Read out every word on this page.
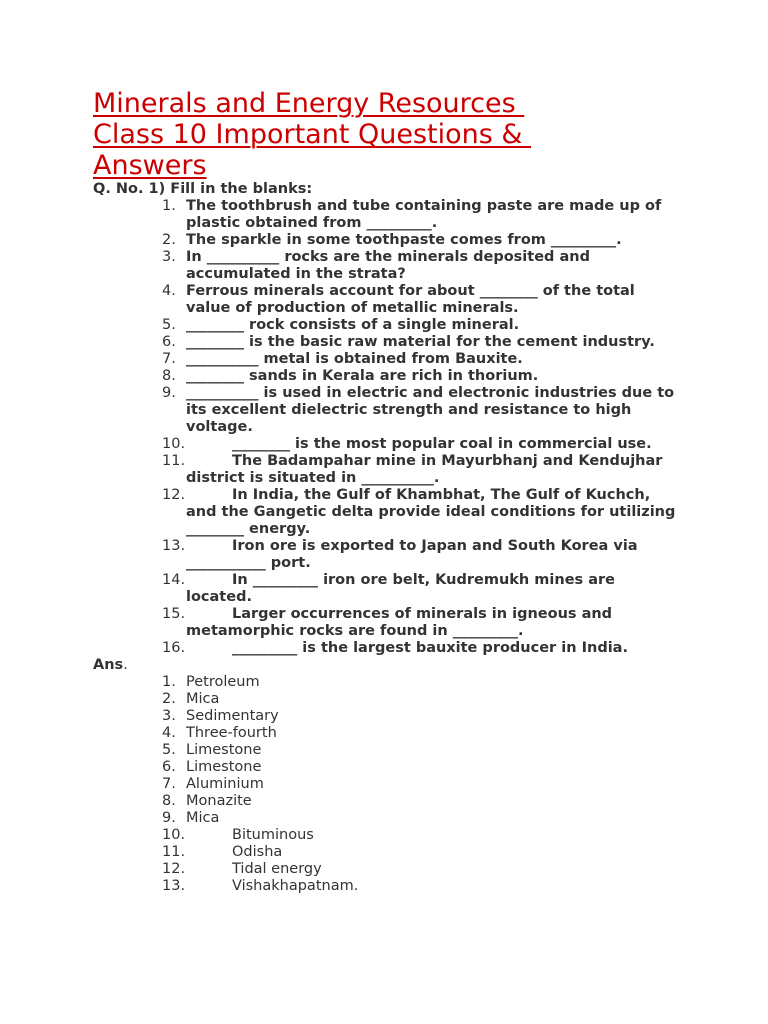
Minerals and Energy Resources
Class 10 Important Questions &
Answers

Q. No. 1) Fill in the blanks:

1. The toothbrush and tube containing paste are made up of plastic obtained from _________.
2. The sparkle in some toothpaste comes from _________.
3. In __________ rocks are the minerals deposited and accumulated in the strata?
4. Ferrous minerals account for about ________ of the total value of production of metallic minerals.
5. ________ rock consists of a single mineral.
6. ________ is the basic raw material for the cement industry.
7. __________ metal is obtained from Bauxite.
8. ________ sands in Kerala are rich in thorium.
9. __________ is used in electric and electronic industries due to its excellent dielectric strength and resistance to high voltage.
10.	________ is the most popular coal in commercial use.
11.	The Badampahar mine in Mayurbhanj and Kendujhar district is situated in __________.
12.	In India, the Gulf of Khambhat, The Gulf of Kuchch, and the Gangetic delta provide ideal conditions for utilizing ________ energy.
13.	Iron ore is exported to Japan and South Korea via ___________ port.
14.	In _________ iron ore belt, Kudremukh mines are located.
15.	Larger occurrences of minerals in igneous and metamorphic rocks are found in _________.
16.	_________ is the largest bauxite producer in India.

Ans.

1. Petroleum
2. Mica
3. Sedimentary
4. Three-fourth
5. Limestone
6. Limestone
7. Aluminium
8. Monazite
9. Mica
10.	Bituminous
11.	Odisha
12.	Tidal energy
13.	Vishakhapatnam.
